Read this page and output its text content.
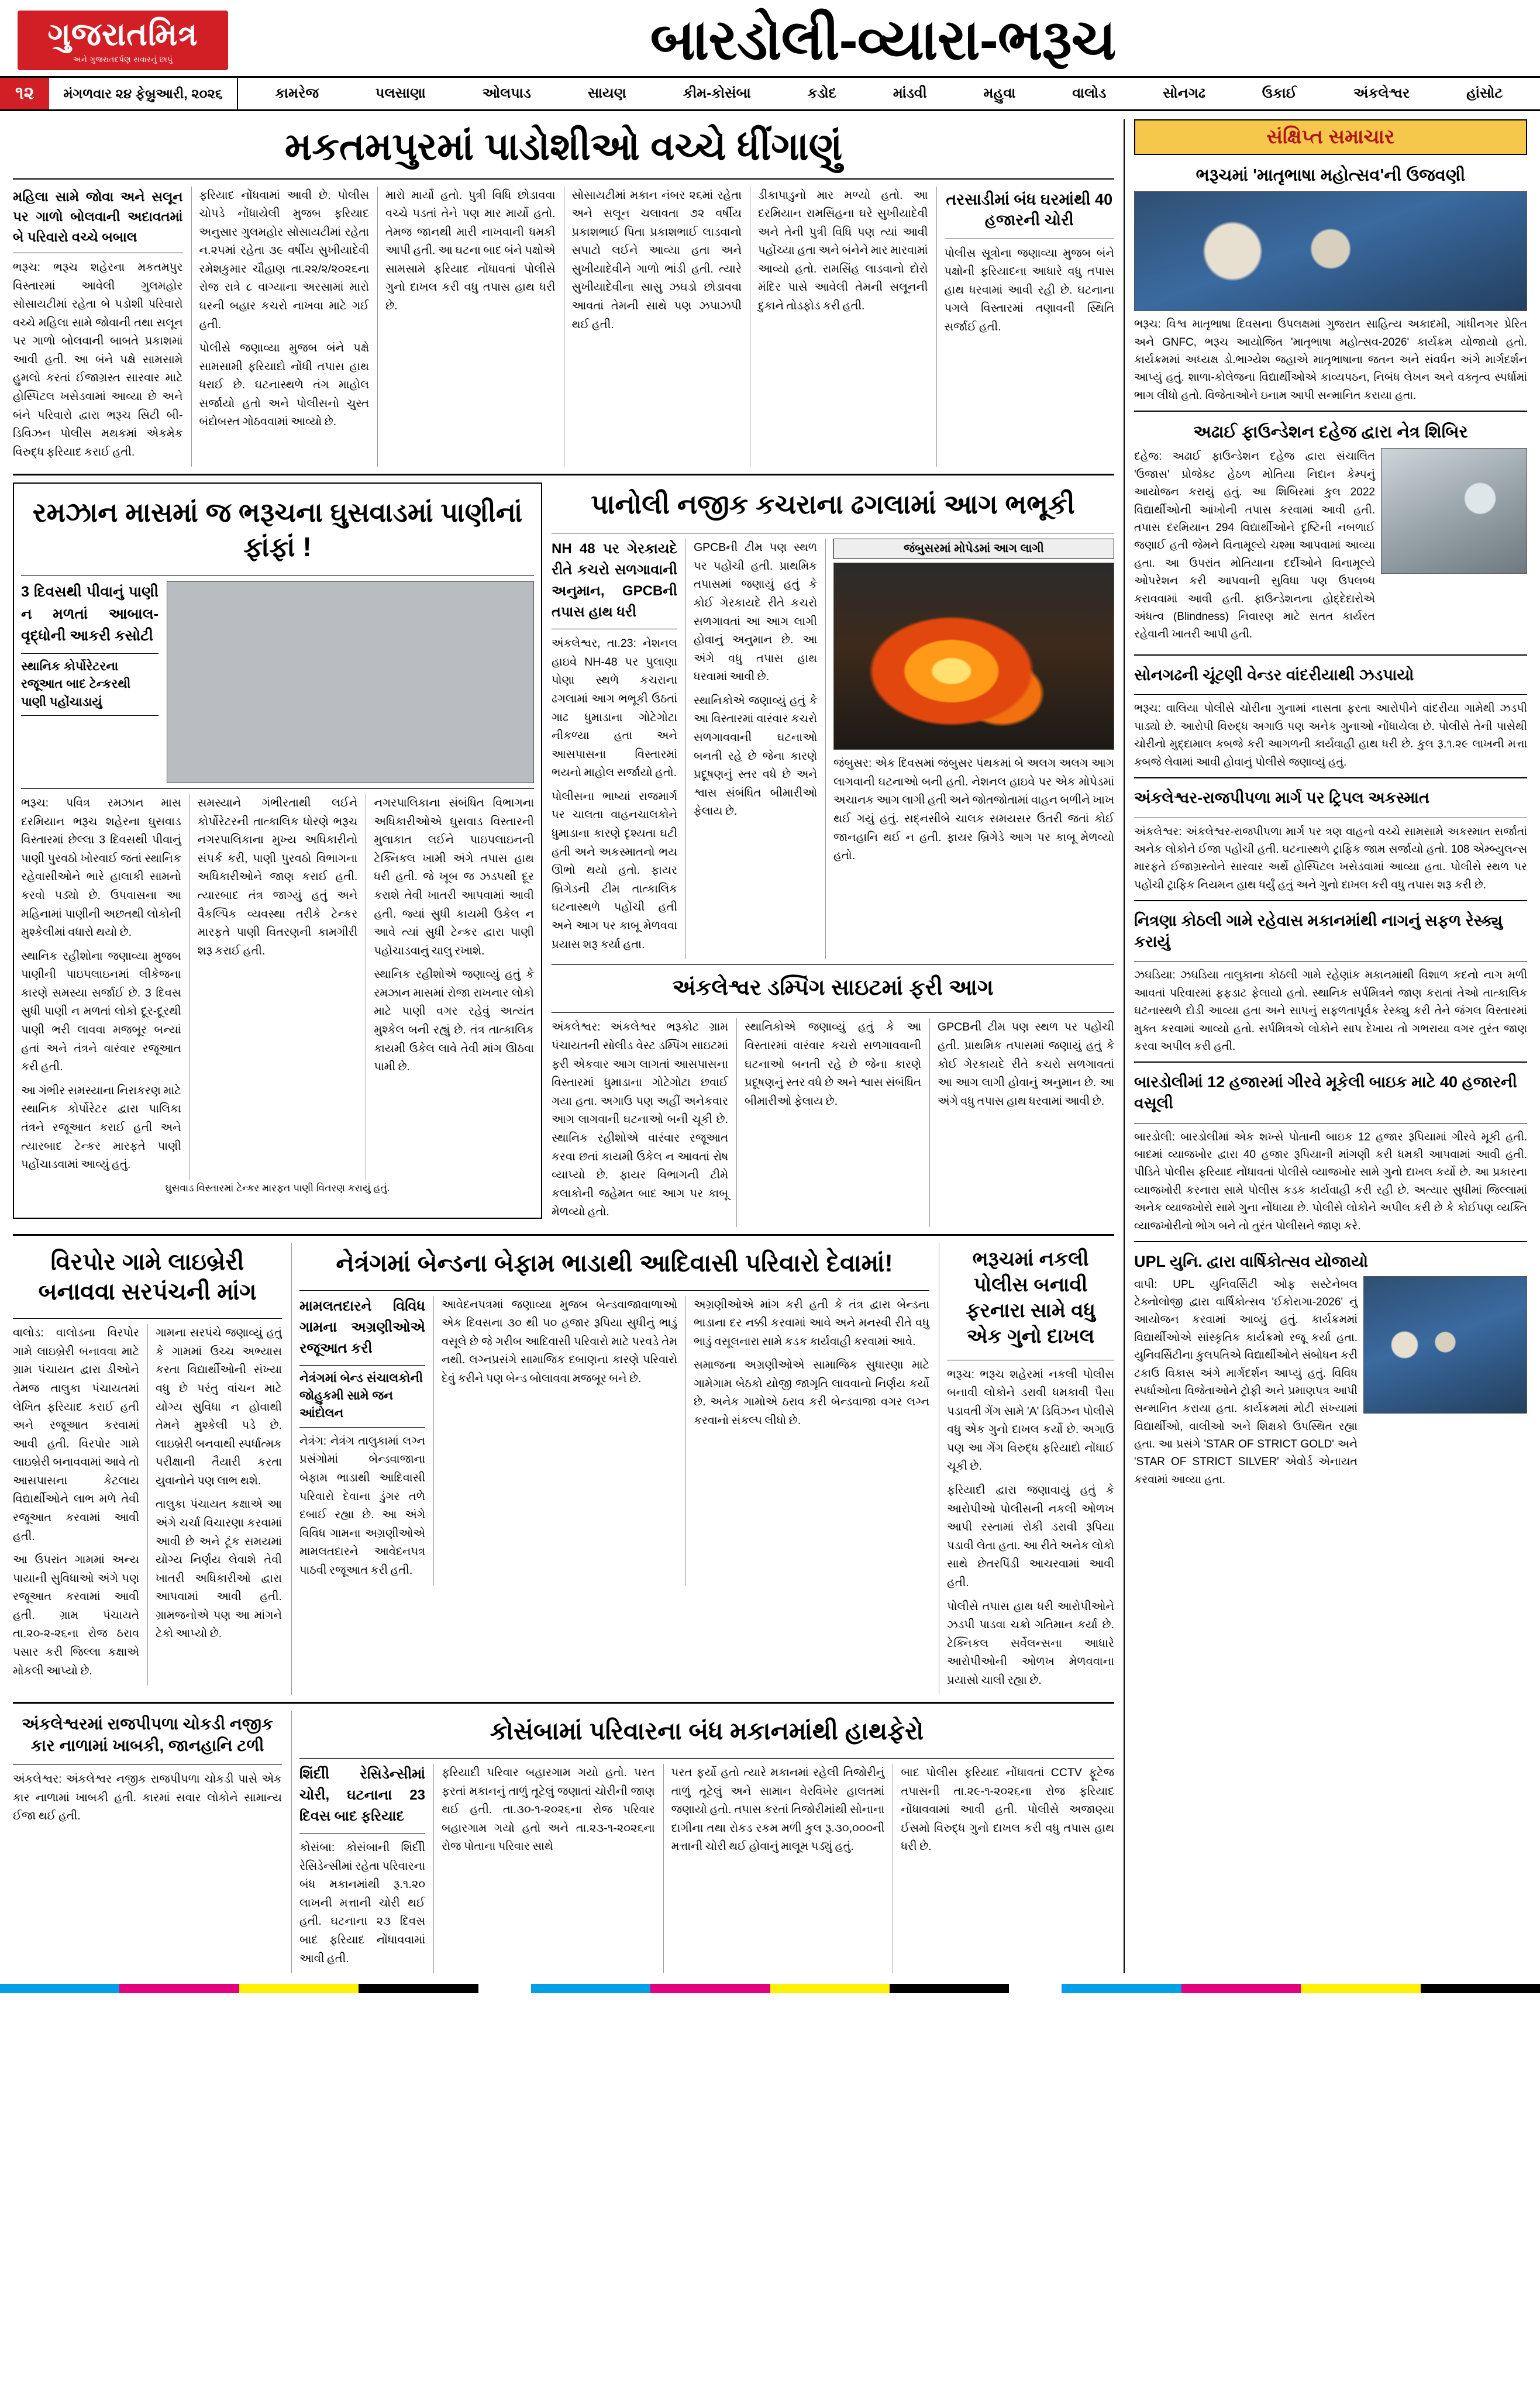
ગુજરાતમિત્ર
અને ગુજરાતદર્પણ સવારનું છાપું	બારડોલી-વ્યારા-ભરૂચ
૧૨	મંગળવાર ૨૪ ફેબ્રુઆરી, ૨૦૨૬	કામરેજ	પલસાણા	ઓલપાડ	સાયણ	કીમ-કોસંબા	કડોદ	માંડવી	મહુવા	વાલોડ	સોનગઢ	ઉકાઈ	અંકલેશ્વર	હાંસોટ
મકતમપુરમાં પાડોશીઓ વચ્ચે ધીંગાણું

મહિલા સામે જોવા અને સલૂન પર ગાળો બોલવાની અદાવતમાં બે પરિવારો વચ્ચે બબાલ

ભરૂચ: ભરૂચ શહેરના મકતમપુર વિસ્તારમાં આવેલી ગુલમહોર સોસાયટીમાં રહેતા બે પડોશી પરિવારો વચ્ચે મહિલા સામે જોવાની તથા સલૂન પર ગાળો બોલવાની બાબતે પ્રકાશમાં આવી હતી. આ બંને પક્ષે સામસામે હુમલો કરતાં ઈજાગ્રસ્ત સારવાર માટે હોસ્પિટલ ખસેડવામાં આવ્યા છે અને બંને પરિવારો દ્વારા ભરૂચ સિટી બી-ડિવિઝન પોલીસ મથકમાં એકમેક વિરુદ્ધ ફરિયાદ કરાઈ હતી.

ફરિયાદ નોંધવામાં આવી છે. પોલીસ ચોપડે નોંધાયેલી મુજબ ફરિયાદ અનુસાર ગુલમહોર સોસાયટીમાં રહેતા ન.૨૫માં રહેતા ૩૯ વર્ષીય સુખીયાદેવી રમેશકુમાર ચૌહાણ તા.૨૨/૨/૨૦૨૬ના રોજ રાત્રે ૮ વાગ્યાના અરસામાં મારો ઘરની બહાર કચરો નાખવા માટે ગઈ હતી.

પોલીસે જણાવ્યા મુજબ બંને પક્ષે સામસામી ફરિયાદો નોંધી તપાસ હાથ ધરાઈ છે. ઘટનાસ્થળે તંગ માહોલ સર્જાયો હતો અને પોલીસનો ચુસ્ત બંદોબસ્ત ગોઠવવામાં આવ્યો છે.

મારો માર્યો હતો. પુત્રી વિધિ છોડાવવા વચ્ચે પડતાં તેને પણ માર માર્યો હતો. તેમજ જાનથી મારી નાખવાની ધમકી આપી હતી. આ ઘટના બાદ બંને પક્ષોએ સામસામે ફરિયાદ નોંધાવતાં પોલીસે ગુનો દાખલ કરી વધુ તપાસ હાથ ધરી છે.

સોસાયટીમાં મકાન નંબર ૨૬માં રહેતા અને સલૂન ચલાવતા ૭૨ વર્ષીય પ્રકાશભાઈ પિતા પ્રકાશભાઈ લાડવાનો સપાટો લઈને આવ્યા હતા અને સુખીયાદેવીને ગાળો ભાંડી હતી. ત્યારે સુખીયાદેવીના સાસુ ઝઘડો છોડાવવા આવતાં તેમની સાથે પણ ઝપાઝપી થઈ હતી.

ડીકાપાડુનો માર મળ્યો હતો. આ દરમિયાન રામસિંહના ઘરે સુખીયાદેવી અને તેની પુત્રી વિધિ પણ ત્યાં આવી પહોંચ્યા હતા અને બંનેને માર મારવામાં આવ્યો હતો. રામસિંહ લાડવાનો દોરો મંદિર પાસે આવેલી તેમની સલૂનની દુકાને તોડફોડ કરી હતી.

તરસાડીમાં બંધ ઘરમાંથી 40 હજારની ચોરી

પોલીસ સૂત્રોના જણાવ્યા મુજબ બંને પક્ષોની ફરિયાદના આધારે વધુ તપાસ હાથ ધરવામાં આવી રહી છે. ઘટનાના પગલે વિસ્તારમાં તણાવની સ્થિતિ સર્જાઈ હતી.

રમઝાન માસમાં જ ભરૂચના ઘુસવાડમાં પાણીનાં ફાંફાં !

3 દિવસથી પીવાનું પાણી ન મળતાં આબાલ-વૃદ્ધોની આકરી કસોટી

સ્થાનિક કોર્પોરેટરના રજૂઆત બાદ ટેન્કરથી પાણી પહોંચાડાયું

ભરૂચ: પવિત્ર રમઝાન માસ દરમિયાન ભરૂચ શહેરના ઘુસવાડ વિસ્તારમાં છેલ્લા 3 દિવસથી પીવાનું પાણી પુરવઠો ખોરવાઈ જતાં સ્થાનિક રહેવાસીઓને ભારે હાલાકી સામનો કરવો પડ્યો છે. ઉપવાસના આ મહિનામાં પાણીની અછતથી લોકોની મુશ્કેલીમાં વધારો થયો છે.

સ્થાનિક રહીશોના જણાવ્યા મુજબ પાણીની પાઇપલાઇનમાં લીકેજના કારણે સમસ્યા સર્જાઈ છે. 3 દિવસ સુધી પાણી ન મળતાં લોકો દૂર-દૂરથી પાણી ભરી લાવવા મજબૂર બન્યાં હતાં અને તંત્રને વારંવાર રજૂઆત કરી હતી.

આ ગંભીર સમસ્યાના નિરાકરણ માટે સ્થાનિક કોર્પોરેટર દ્વારા પાલિકા તંત્રને રજૂઆત કરાઈ હતી અને ત્યારબાદ ટેન્કર મારફતે પાણી પહોંચાડવામાં આવ્યું હતું.

સમસ્યાને ગંભીરતાથી લઈને કોર્પોરેટરની તાત્કાલિક ધોરણે ભરૂચ નગરપાલિકાના મુખ્ય અધિકારીનો સંપર્ક કરી, પાણી પુરવઠો વિભાગના અધિકારીઓને જાણ કરાઈ હતી. ત્યારબાદ તંત્ર જાગ્યું હતું અને વૈકલ્પિક વ્યવસ્થા તરીકે ટેન્કર મારફતે પાણી વિતરણની કામગીરી શરૂ કરાઈ હતી.

નગરપાલિકાના સંબંધિત વિભાગના અધિકારીઓએ ઘુસવાડ વિસ્તારની મુલાકાત લઈને પાઇપલાઇનની ટેક્નિકલ ખામી અંગે તપાસ હાથ ધરી હતી. જે ખૂબ જ ઝડપથી દૂર કરાશે તેવી ખાતરી આપવામાં આવી હતી. જ્યાં સુધી કાયમી ઉકેલ ન આવે ત્યાં સુધી ટેન્કર દ્વારા પાણી પહોંચાડવાનું ચાલુ રખાશે.

સ્થાનિક રહીશોએ જણાવ્યું હતું કે રમઝાન માસમાં રોજા રાખનાર લોકો માટે પાણી વગર રહેવું અત્યંત મુશ્કેલ બની રહ્યું છે. તંત્ર તાત્કાલિક કાયમી ઉકેલ લાવે તેવી માંગ ઊઠવા પામી છે.

ઘુસવાડ વિસ્તારમાં ટેન્કર મારફત પાણી વિતરણ કરાયું હતું.
પાનોલી નજીક કચરાના ઢગલામાં આગ ભભૂકી

NH 48 પર ગેરકાયદે રીતે કચરો સળગાવાની અનુમાન, GPCBની તપાસ હાથ ધરી

અંકલેશ્વર, તા.23: નેશનલ હાઇવે NH-48 પર પુલાણા પોણા સ્થળે કચરાના ઢગલામાં આગ ભભૂકી ઉઠતાં ગાઢ ધુમાડાના ગોટેગોટા નીકળ્યા હતા અને આસપાસના વિસ્તારમાં ભયનો માહોલ સર્જાયો હતો.

પોલીસના ભાષ્યાં રાજમાર્ગ પર ચાલતા વાહનચાલકોને ધુમાડાના કારણે દૃશ્યતા ઘટી હતી અને અકસ્માતનો ભય ઊભો થયો હતો. ફાયર બ્રિગેડની ટીમ તાત્કાલિક ઘટનાસ્થળે પહોંચી હતી અને આગ પર કાબૂ મેળવવા પ્રયાસ શરૂ કર્યા હતા.

GPCBની ટીમ પણ સ્થળ પર પહોંચી હતી. પ્રાથમિક તપાસમાં જણાયું હતું કે કોઈ ગેરકાયદે રીતે કચરો સળગાવતાં આ આગ લાગી હોવાનું અનુમાન છે. આ અંગે વધુ તપાસ હાથ ધરવામાં આવી છે.

સ્થાનિકોએ જણાવ્યું હતું કે આ વિસ્તારમાં વારંવાર કચરો સળગાવવાની ઘટનાઓ બનતી રહે છે જેના કારણે પ્રદૂષણનું સ્તર વધે છે અને શ્વાસ સંબંધિત બીમારીઓ ફેલાય છે.

જંબુસરમાં મોપેડમાં આગ લાગી

જંબુસર: એક દિવસમાં જંબુસર પંથકમાં બે અલગ અલગ આગ લાગવાની ઘટનાઓ બની હતી. નેશનલ હાઇવે પર એક મોપેડમાં અચાનક આગ લાગી હતી અને જોતજોતામાં વાહન બળીને ખાખ થઈ ગયું હતું. સદ્નસીબે ચાલક સમયસર ઉતરી જતાં કોઈ જાનહાનિ થઈ ન હતી. ફાયર બ્રિગેડે આગ પર કાબૂ મેળવ્યો હતો.

અંકલેશ્વર ડમ્પિંગ સાઇટમાં ફરી આગ

અંકલેશ્વર: અંકલેશ્વર ભરૂકોટ ગ્રામ પંચાયતની સોલીડ વેસ્ટ ડમ્પિંગ સાઇટમાં ફરી એકવાર આગ લાગતાં આસપાસના વિસ્તારમાં ધુમાડાના ગોટેગોટા છવાઈ ગયા હતા. અગાઉ પણ અહીં અનેકવાર આગ લાગવાની ઘટનાઓ બની ચૂકી છે. સ્થાનિક રહીશોએ વારંવાર રજૂઆત કરવા છતાં કાયમી ઉકેલ ન આવતાં રોષ વ્યાપ્યો છે. ફાયર વિભાગની ટીમે કલાકોની જહેમત બાદ આગ પર કાબૂ મેળવ્યો હતો.

સ્થાનિકોએ જણાવ્યું હતું કે આ વિસ્તારમાં વારંવાર કચરો સળગાવવાની ઘટનાઓ બનતી રહે છે જેના કારણે પ્રદૂષણનું સ્તર વધે છે અને શ્વાસ સંબંધિત બીમારીઓ ફેલાય છે.

GPCBની ટીમ પણ સ્થળ પર પહોંચી હતી. પ્રાથમિક તપાસમાં જણાયું હતું કે કોઈ ગેરકાયદે રીતે કચરો સળગાવતાં આ આગ લાગી હોવાનું અનુમાન છે. આ અંગે વધુ તપાસ હાથ ધરવામાં આવી છે.

વિરપોર ગામે લાઇબ્રેરી બનાવવા સરપંચની માંગ

વાલોડ: વાલોડના વિરપોર ગામે લાઇબ્રેરી બનાવવા માટે ગ્રામ પંચાયત દ્વારા ડીઓને તેમજ તાલુકા પંચાયતમાં લેખિત ફરિયાદ કરાઈ હતી અને રજૂઆત કરવામાં આવી હતી. વિરપોર ગામે લાઇબ્રેરી બનાવવામાં આવે તો આસપાસના કેટલાય વિદ્યાર્થીઓને લાભ મળે તેવી રજૂઆત કરવામાં આવી હતી.

આ ઉપરાંત ગામમાં અન્ય પાયાની સુવિધાઓ અંગે પણ રજૂઆત કરવામાં આવી હતી. ગ્રામ પંચાયતે તા.૨૦-૨-૨૬ના રોજ ઠરાવ પસાર કરી જિલ્લા કક્ષાએ મોકલી આપ્યો છે.

ગામના સરપંચે જણાવ્યું હતું કે ગામમાં ઉચ્ચ અભ્યાસ કરતા વિદ્યાર્થીઓની સંખ્યા વધુ છે પરંતુ વાંચન માટે યોગ્ય સુવિધા ન હોવાથી તેમને મુશ્કેલી પડે છે. લાઇબ્રેરી બનવાથી સ્પર્ધાત્મક પરીક્ષાની તૈયારી કરતા યુવાનોને પણ લાભ થશે.

તાલુકા પંચાયત કક્ષાએ આ અંગે ચર્ચા વિચારણા કરવામાં આવી છે અને ટૂંક સમયમાં યોગ્ય નિર્ણય લેવાશે તેવી ખાતરી અધિકારીઓ દ્વારા આપવામાં આવી હતી. ગ્રામજનોએ પણ આ માંગને ટેકો આપ્યો છે.

નેત્રંગમાં બેન્ડના બેફામ ભાડાથી આદિવાસી પરિવારો દેવામાં!

મામલતદારને વિવિધ ગામના અગ્રણીઓએ રજૂઆત કરી

નેત્રંગમાં બેન્ડ સંચાલકોની જોહુકમી સામે જન આંદોલન

નેત્રંગ: નેત્રંગ તાલુકામાં લગ્ન પ્રસંગોમાં બેન્ડવાજાના બેફામ ભાડાથી આદિવાસી પરિવારો દેવાના ડુંગર તળે દબાઈ રહ્યા છે. આ અંગે વિવિધ ગામના અગ્રણીઓએ મામલતદારને આવેદનપત્ર પાઠવી રજૂઆત કરી હતી.

આવેદનપત્રમાં જણાવ્યા મુજબ બેન્ડવાજાવાળાઓ એક દિવસના ૩૦ થી ૫૦ હજાર રૂપિયા સુધીનું ભાડું વસૂલે છે જે ગરીબ આદિવાસી પરિવારો માટે પરવડે તેમ નથી. લગ્નપ્રસંગે સામાજિક દબાણના કારણે પરિવારો દેવું કરીને પણ બેન્ડ બોલાવવા મજબૂર બને છે.

અગ્રણીઓએ માંગ કરી હતી કે તંત્ર દ્વારા બેન્ડના ભાડાના દર નક્કી કરવામાં આવે અને મનસ્વી રીતે વધુ ભાડું વસૂલનારા સામે કડક કાર્યવાહી કરવામાં આવે.

સમાજના અગ્રણીઓએ સામાજિક સુધારણા માટે ગામેગામ બેઠકો યોજી જાગૃતિ લાવવાનો નિર્ણય કર્યો છે. અનેક ગામોએ ઠરાવ કરી બેન્ડવાજા વગર લગ્ન કરવાનો સંકલ્પ લીધો છે.

ભરૂચમાં નકલી પોલીસ બનાવી ફરનારા સામે વધુ એક ગુનો દાખલ

ભરૂચ: ભરૂચ શહેરમાં નકલી પોલીસ બનાવી લોકોને ડરાવી ધમકાવી પૈસા પડાવતી ગેંગ સામે 'A' ડિવિઝન પોલીસે વધુ એક ગુનો દાખલ કર્યો છે. અગાઉ પણ આ ગેંગ વિરુદ્ધ ફરિયાદો નોંધાઈ ચૂકી છે.

ફરિયાદી દ્વારા જણાવાયું હતું કે આરોપીઓ પોલીસની નકલી ઓળખ આપી રસ્તામાં રોકી ડરાવી રૂપિયા પડાવી લેતા હતા. આ રીતે અનેક લોકો સાથે છેતરપિંડી આચરવામાં આવી હતી.

પોલીસે તપાસ હાથ ધરી આરોપીઓને ઝડપી પાડવા ચક્રો ગતિમાન કર્યા છે. ટેક્નિકલ સર્વેલન્સના આધારે આરોપીઓની ઓળખ મેળવવાના પ્રયાસો ચાલી રહ્યા છે.

અંકલેશ્વરમાં રાજપીપળા ચોકડી નજીક કાર નાળામાં ખાબકી, જાનહાનિ ટળી

અંકલેશ્વર: અંકલેશ્વર નજીક રાજપીપળા ચોકડી પાસે એક કાર નાળામાં ખાબકી હતી. કારમાં સવાર લોકોને સામાન્ય ઈજા થઈ હતી.

કોસંબામાં પરિવારના બંધ મકાનમાંથી હાથફેરો

શિંદીી રેસિડેન્સીમાં ચોરી, ઘટનાના 23 દિવસ બાદ ફરિયાદ

કોસંબા: કોસંબાની શિંદીી રેસિડેન્સીમાં રહેતા પરિવારના બંધ મકાનમાંથી રૂ.૧.૨૦ લાખની મત્તાની ચોરી થઈ હતી. ઘટનાના ૨૩ દિવસ બાદ ફરિયાદ નોંધાવવામાં આવી હતી.

ફરિયાદી પરિવાર બહારગામ ગયો હતો. પરત ફરતાં મકાનનું તાળું તૂટેલું જણાતાં ચોરીની જાણ થઈ હતી. તા.૩૦-૧-૨૦૨૬ના રોજ પરિવાર બહારગામ ગયો હતો અને તા.૨૩-૧-૨૦૨૬ના રોજ પોતાના પરિવાર સાથે

પરત ફર્યો હતો ત્યારે મકાનમાં રહેલી તિજોરીનું તાળું તૂટેલું અને સામાન વેરવિખેર હાલતમાં જણાયો હતો. તપાસ કરતાં તિજોરીમાંથી સોનાના દાગીના તથા રોકડ રકમ મળી કુલ રૂ.૩૦,૦૦૦ની મત્તાની ચોરી થઈ હોવાનું માલૂમ પડ્યું હતું.

બાદ પોલીસ ફરિયાદ નોંધાવતાં CCTV ફૂટેજ તપાસની તા.૨૯-૧-૨૦૨૬ના રોજ ફરિયાદ નોંધાવવામાં આવી હતી. પોલીસે અજાણ્યા ઈસમો વિરુદ્ધ ગુનો દાખલ કરી વધુ તપાસ હાથ ધરી છે.

સંક્ષિપ્ત સમાચાર
ભરૂચમાં 'માતૃભાષા મહોત્સવ'ની ઉજવણી

ભરૂચ: વિશ્વ માતૃભાષા દિવસના ઉપલક્ષમાં ગુજરાત સાહિત્ય અકાદમી, ગાંધીનગર પ્રેરિત અને GNFC, ભરૂચ આયોજિત 'માતૃભાષા મહોત્સવ-2026' કાર્યક્રમ યોજાયો હતો. કાર્યક્રમમાં અધ્યક્ષ ડો.ભાગ્યેશ જહાએ માતૃભાષાના જતન અને સંવર્ધન અંગે માર્ગદર્શન આપ્યું હતું. શાળા-કોલેજના વિદ્યાર્થીઓએ કાવ્યપઠન, નિબંધ લેખન અને વક્તૃત્વ સ્પર્ધામાં ભાગ લીધો હતો. વિજેતાઓને ઇનામ આપી સન્માનિત કરાયા હતા.

અઢાઈ ફાઉન્ડેશન દહેજ દ્વારા નેત્ર શિબિર

દહેજ: અઢાઈ ફાઉન્ડેશન દહેજ દ્વારા સંચાલિત 'ઉજાસ' પ્રોજેક્ટ હેઠળ મોતિયા નિદાન કેમ્પનું આયોજન કરાયું હતું. આ શિબિરમાં કુલ 2022 વિદ્યાર્થીઓની આંખોની તપાસ કરવામાં આવી હતી. તપાસ દરમિયાન 294 વિદ્યાર્થીઓને દૃષ્ટિની નબળાઈ જણાઈ હતી જેમને વિનામૂલ્યે ચશ્મા આપવામાં આવ્યા હતા. આ ઉપરાંત મોતિયાના દર્દીઓને વિનામૂલ્યે ઓપરેશન કરી આપવાની સુવિધા પણ ઉપલબ્ધ કરાવવામાં આવી હતી. ફાઉન્ડેશનના હોદ્દેદારોએ અંધત્વ (Blindness) નિવારણ માટે સતત કાર્યરત રહેવાની ખાતરી આપી હતી.

સોનગઢની ચૂંટણી વેન્ડર વાંદરીયાથી ઝડપાયો

ભરૂચ: વાલિયા પોલીસે ચોરીના ગુનામાં નાસતા ફરતા આરોપીને વાંદરીયા ગામેથી ઝડપી પાડ્યો છે. આરોપી વિરુદ્ધ અગાઉ પણ અનેક ગુનાઓ નોંધાયેલા છે. પોલીસે તેની પાસેથી ચોરીનો મુદ્દામાલ કબજે કરી આગળની કાર્યવાહી હાથ ધરી છે. કુલ રૂ.૧.૨૯ લાખની મત્તા કબજે લેવામાં આવી હોવાનું પોલીસે જણાવ્યું હતું.

અંકલેશ્વર-રાજપીપળા માર્ગ પર ટ્રિપલ અકસ્માત

અંકલેશ્વર: અંકલેશ્વર-રાજપીપળા માર્ગ પર ત્રણ વાહનો વચ્ચે સામસામે અકસ્માત સર્જાતાં અનેક લોકોને ઈજા પહોંચી હતી. ઘટનાસ્થળે ટ્રાફિક જામ સર્જાયો હતો. 108 એમ્બ્યુલન્સ મારફતે ઈજાગ્રસ્તોને સારવાર અર્થે હોસ્પિટલ ખસેડવામાં આવ્યા હતા. પોલીસે સ્થળ પર પહોંચી ટ્રાફિક નિયમન હાથ ધર્યું હતું અને ગુનો દાખલ કરી વધુ તપાસ શરૂ કરી છે.

નિત્રણા કોઠલી ગામે રહેવાસ મકાનમાંથી નાગનું સફળ રેસ્ક્યુ કરાયું

ઝઘડિયા: ઝઘડિયા તાલુકાના કોઠલી ગામે રહેણાંક મકાનમાંથી વિશાળ કદનો નાગ મળી આવતાં પરિવારમાં ફફડાટ ફેલાયો હતો. સ્થાનિક સર્પમિત્રને જાણ કરાતાં તેઓ તાત્કાલિક ઘટનાસ્થળે દોડી આવ્યા હતા અને સાપનું સફળતાપૂર્વક રેસ્ક્યુ કરી તેને જંગલ વિસ્તારમાં મુક્ત કરવામાં આવ્યો હતો. સર્પમિત્રએ લોકોને સાપ દેખાય તો ગભરાયા વગર તુરંત જાણ કરવા અપીલ કરી હતી.

બારડોલીમાં 12 હજારમાં ગીરવે મૂકેલી બાઇક માટે 40 હજારની વસૂલી

બારડોલી: બારડોલીમાં એક શખ્સે પોતાની બાઇક 12 હજાર રૂપિયામાં ગીરવે મૂકી હતી. બાદમાં વ્યાજખોર દ્વારા 40 હજાર રૂપિયાની માંગણી કરી ધમકી આપવામાં આવી હતી. પીડિતે પોલીસ ફરિયાદ નોંધાવતાં પોલીસે વ્યાજખોર સામે ગુનો દાખલ કર્યો છે. આ પ્રકારના વ્યાજખોરી કરનારા સામે પોલીસ કડક કાર્યવાહી કરી રહી છે. અત્યાર સુધીમાં જિલ્લામાં અનેક વ્યાજખોરો સામે ગુના નોંધાયા છે. પોલીસે લોકોને અપીલ કરી છે કે કોઈપણ વ્યક્તિ વ્યાજખોરીનો ભોગ બને તો તુરંત પોલીસને જાણ કરે.

UPL યુનિ. દ્વારા વાર્ષિકોત્સવ યોજાયો

વાપી: UPL યુનિવર્સિટી ઓફ સસ્ટેનેબલ ટેક્નોલોજી દ્વારા વાર્ષિકોત્સવ 'ઈકોરાગા-2026' નું આયોજન કરવામાં આવ્યું હતું. કાર્યક્રમમાં વિદ્યાર્થીઓએ સાંસ્કૃતિક કાર્યક્રમો રજૂ કર્યા હતા. યુનિવર્સિટીના કુલપતિએ વિદ્યાર્થીઓને સંબોધન કરી ટકાઉ વિકાસ અંગે માર્ગદર્શન આપ્યું હતું. વિવિધ સ્પર્ધાઓના વિજેતાઓને ટ્રોફી અને પ્રમાણપત્ર આપી સન્માનિત કરાયા હતા. કાર્યક્રમમાં મોટી સંખ્યામાં વિદ્યાર્થીઓ, વાલીઓ અને શિક્ષકો ઉપસ્થિત રહ્યા હતા. આ પ્રસંગે 'STAR OF STRICT GOLD' અને 'STAR OF STRICT SILVER' એવોર્ડ એનાયત કરવામાં આવ્યા હતા.
